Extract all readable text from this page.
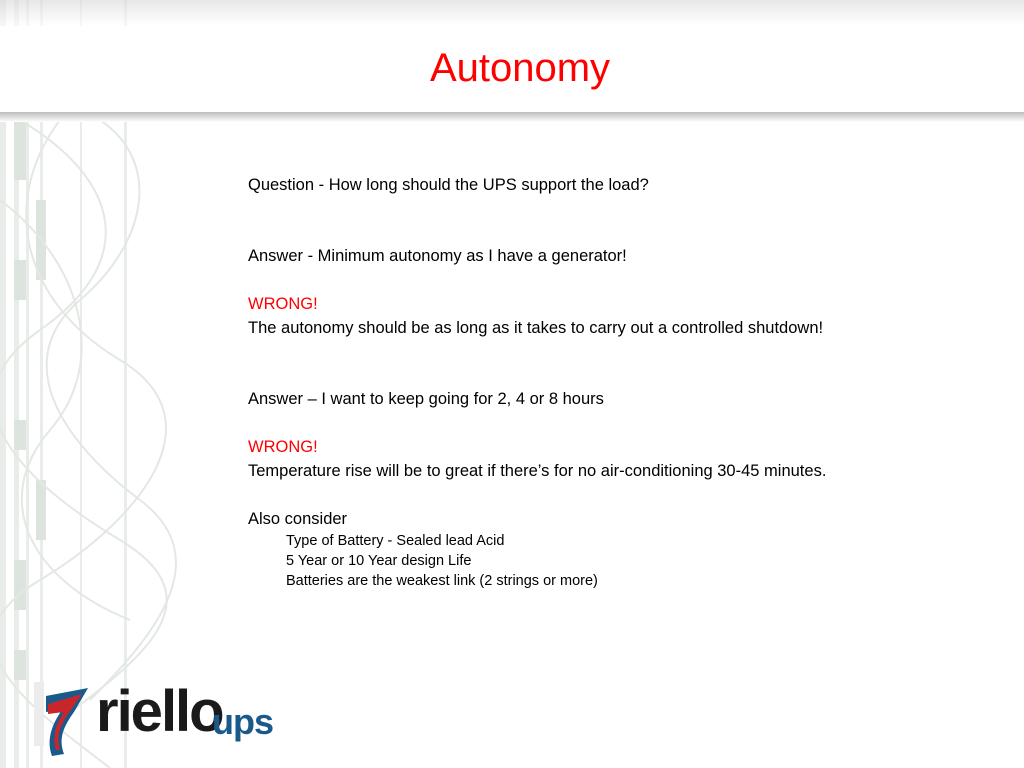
Autonomy

Question - How long should the UPS support the load?

Answer - Minimum autonomy as I have a generator!

WRONG!

The autonomy should be as long as it takes to carry out a controlled shutdown!

Answer – I want to keep going for 2, 4 or 8 hours

WRONG!

Temperature rise will be to great if there’s for no air-conditioning 30-45 minutes.

Also consider

Type of Battery - Sealed lead Acid
5 Year or 10 Year design Life
Batteries are the weakest link (2 strings or more)
riello
ups
